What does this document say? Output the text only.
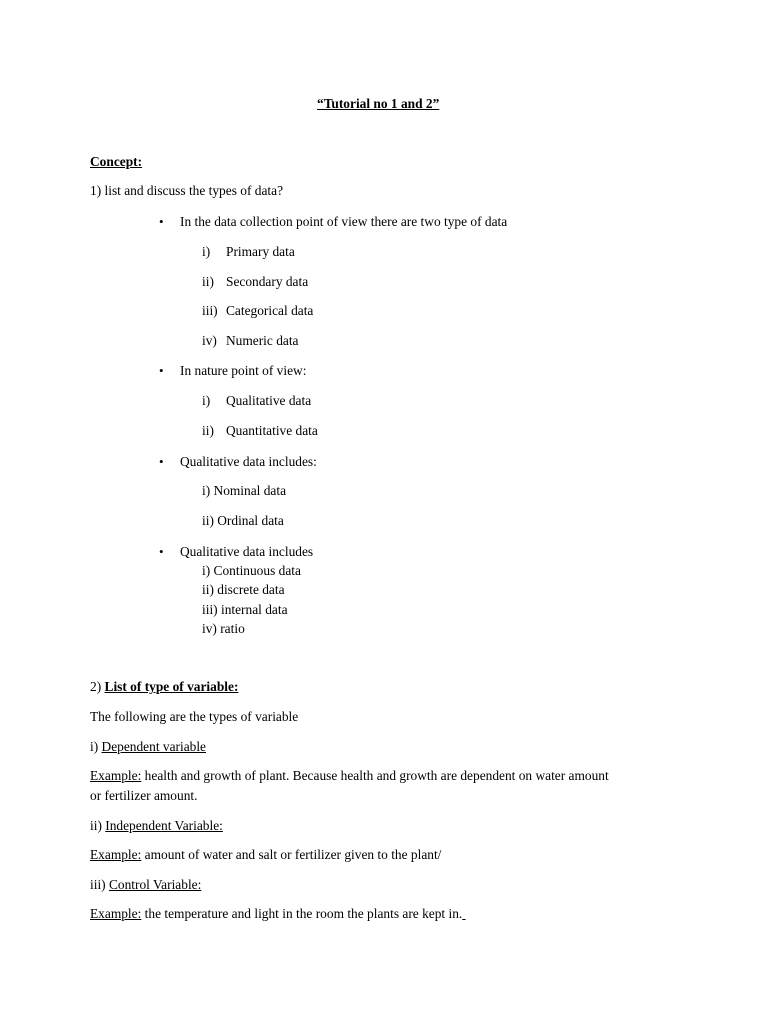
“Tutorial no 1 and 2”
Concept:
1) list and discuss the types of data?
• In the data collection point of view there are two type of data
i) Primary data
ii) Secondary data
iii) Categorical data
iv) Numeric data
• In nature point of view:
i) Qualitative data
ii) Quantitative data
• Qualitative data includes:
i) Nominal data
ii) Ordinal data
• Qualitative data includes
i) Continuous data
ii) discrete data
iii) internal data
iv) ratio
2) List of type of variable:
The following are the types of variable
i) Dependent variable
Example: health and growth of plant. Because health and growth are dependent on water amount
or fertilizer amount.
ii) Independent Variable:
Example: amount of water and salt or fertilizer given to the plant/
iii) Control Variable:
Example: the temperature and light in the room the plants are kept in.
